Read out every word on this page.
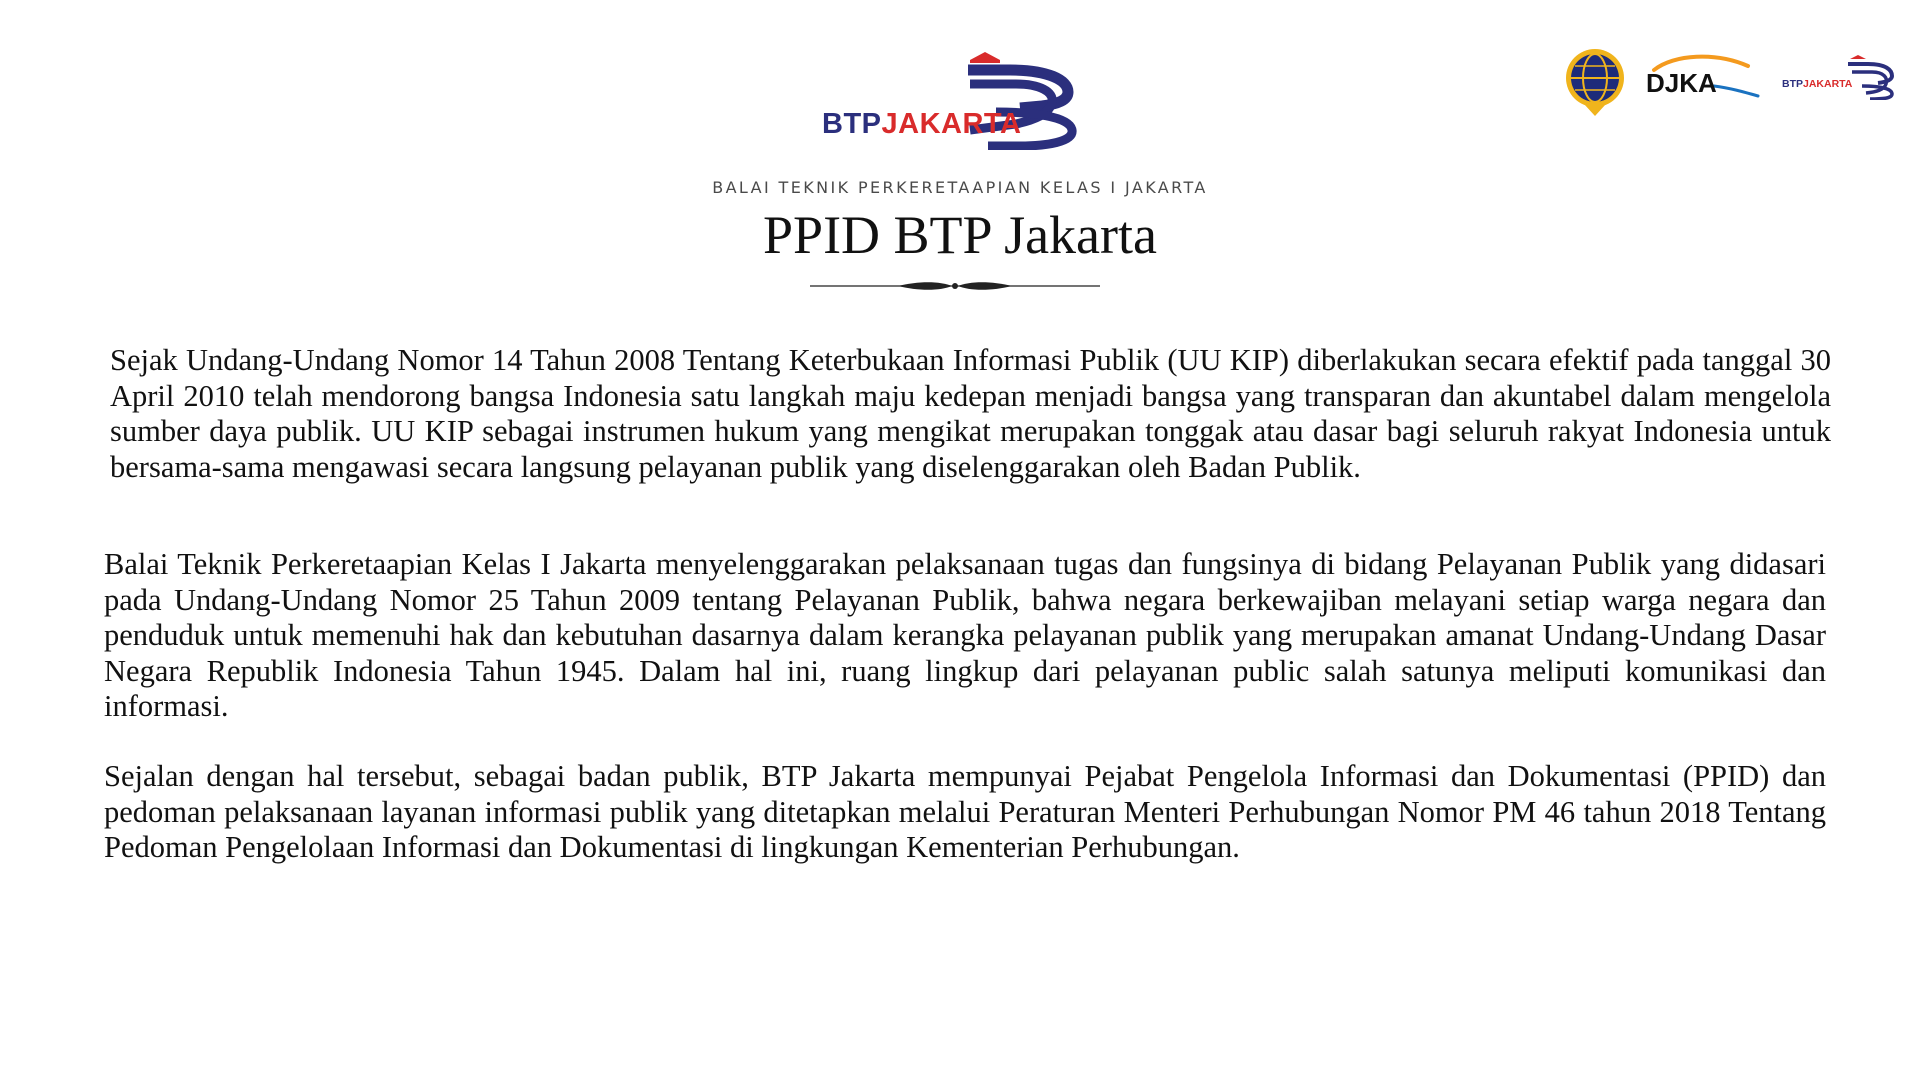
BTPJAKARTA
DJKA	BTPJAKARTA
BALAI TEKNIK PERKERETAAPIAN KELAS I JAKARTA
PPID BTP Jakarta

Sejak Undang-Undang Nomor 14 Tahun 2008 Tentang Keterbukaan Informasi Publik (UU KIP) diberlakukan secara efektif pada tanggal 30 April 2010 telah mendorong bangsa Indonesia satu langkah maju kedepan menjadi bangsa yang transparan dan akuntabel dalam mengelola sumber daya publik. UU KIP sebagai instrumen hukum yang mengikat merupakan tonggak atau dasar bagi seluruh rakyat Indonesia untuk bersama-sama mengawasi secara langsung pelayanan publik yang diselenggarakan oleh Badan Publik.

Balai Teknik Perkeretaapian Kelas I Jakarta menyelenggarakan pelaksanaan tugas dan fungsinya di bidang Pelayanan Publik yang didasari pada Undang-Undang Nomor 25 Tahun 2009 tentang Pelayanan Publik, bahwa negara berkewajiban melayani setiap warga negara dan penduduk untuk memenuhi hak dan kebutuhan dasarnya dalam kerangka pelayanan publik yang merupakan amanat Undang-Undang Dasar Negara Republik Indonesia Tahun 1945. Dalam hal ini, ruang lingkup dari pelayanan public salah satunya meliputi komunikasi dan informasi.

Sejalan dengan hal tersebut, sebagai badan publik, BTP Jakarta mempunyai Pejabat Pengelola Informasi dan Dokumentasi (PPID) dan pedoman pelaksanaan layanan informasi publik yang ditetapkan melalui Peraturan Menteri Perhubungan Nomor PM 46 tahun 2018 Tentang Pedoman Pengelolaan Informasi dan Dokumentasi di lingkungan Kementerian Perhubungan.
